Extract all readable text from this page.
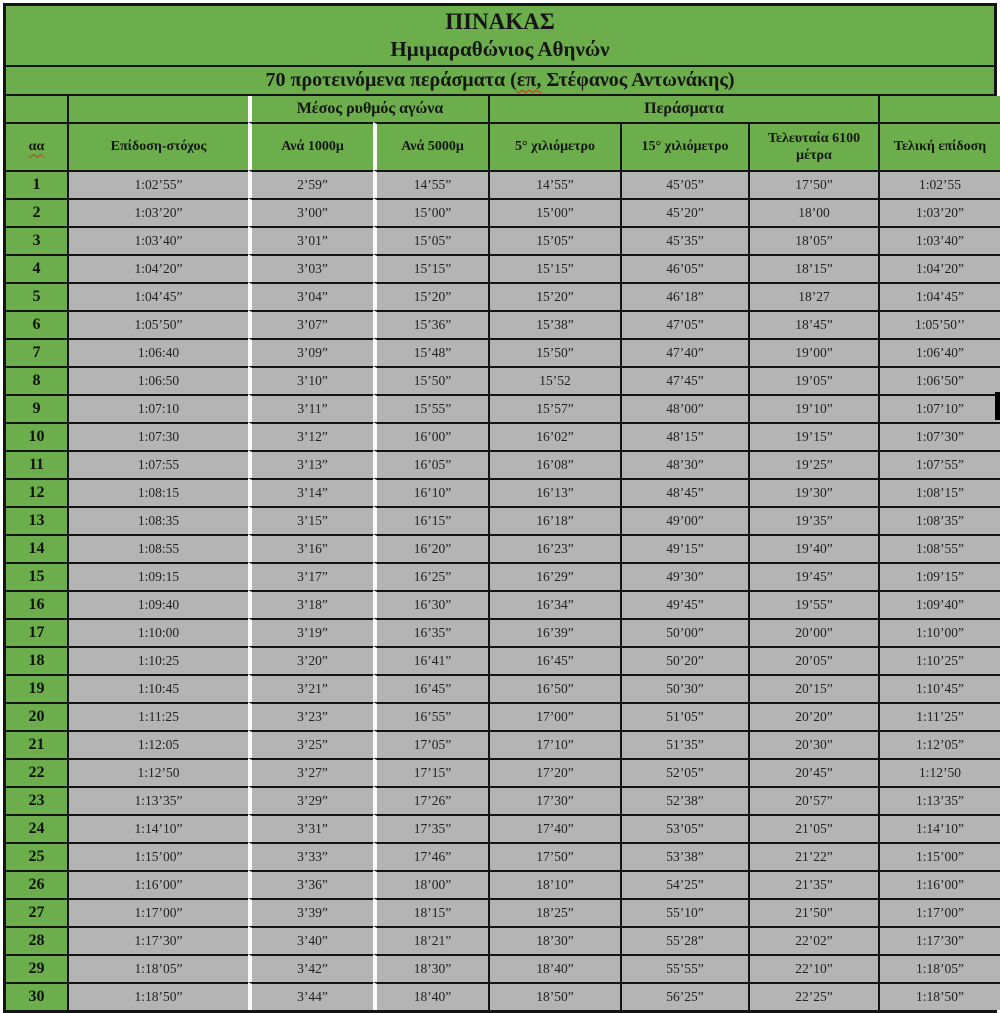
ΠΙΝΑΚΑΣ
Ημιμαραθώνιος Αθηνών
70 προτεινόμενα περάσματα (επ, Στέφανος Αντωνάκης)
		Μέσος ρυθμός αγώνα		Περάσματα			
αα	Επίδοση-στόχος	Ανά 1000μ	Ανά 5000μ	5° χιλιόμετρο	15° χιλιόμετρο	Τελευταία 6100 μέτρα	Τελική επίδοση
1	1:02’55”	2’59”	14’55”	14’55”	45’05”	17’50”	1:02’55
2	1:03’20”	3’00”	15’00”	15’00”	45’20”	18’00	1:03’20”
3	1:03’40”	3’01”	15’05”	15’05”	45’35”	18’05”	1:03’40”
4	1:04’20”	3’03”	15’15”	15’15”	46’05”	18’15”	1:04’20”
5	1:04’45”	3’04”	15’20”	15’20”	46’18”	18’27	1:04’45”
6	1:05’50”	3’07”	15’36”	15’38”	47’05”	18’45”	1:05’50’’
7	1:06:40	3’09”	15’48”	15’50”	47’40”	19’00”	1:06’40”
8	1:06:50	3’10”	15’50”	15’52	47’45”	19’05”	1:06’50”
9	1:07:10	3’11”	15’55”	15’57”	48’00”	19’10”	1:07’10”
10	1:07:30	3’12”	16’00”	16’02”	48’15”	19’15”	1:07’30”
11	1:07:55	3’13”	16’05”	16’08”	48’30”	19’25”	1:07’55”
12	1:08:15	3’14”	16’10”	16’13”	48’45”	19’30”	1:08’15”
13	1:08:35	3’15”	16’15”	16’18”	49’00”	19’35”	1:08’35”
14	1:08:55	3’16”	16’20”	16’23”	49’15”	19’40”	1:08’55”
15	1:09:15	3’17”	16’25”	16’29”	49’30”	19’45”	1:09’15”
16	1:09:40	3’18”	16’30”	16’34”	49’45”	19’55”	1:09’40”
17	1:10:00	3’19”	16’35”	16’39”	50’00”	20’00”	1:10’00”
18	1:10:25	3’20”	16’41”	16’45”	50’20”	20’05”	1:10’25”
19	1:10:45	3’21”	16’45”	16’50”	50’30”	20’15”	1:10’45”
20	1:11:25	3’23”	16’55”	17’00”	51’05”	20’20”	1:11’25”
21	1:12:05	3’25”	17’05”	17’10”	51’35”	20’30”	1:12’05”
22	1:12’50	3’27”	17’15”	17’20”	52’05”	20’45”	1:12’50
23	1:13’35”	3’29”	17’26”	17’30”	52’38”	20’57”	1:13’35”
24	1:14’10”	3’31”	17’35”	17’40”	53’05”	21’05”	1:14’10”
25	1:15’00”	3’33”	17’46”	17’50”	53’38”	21’22”	1:15’00”
26	1:16’00”	3’36”	18’00”	18’10”	54’25”	21’35”	1:16’00”
27	1:17’00”	3’39”	18’15”	18’25”	55’10”	21’50”	1:17’00”
28	1:17’30”	3’40”	18’21”	18’30”	55’28”	22’02”	1:17’30”
29	1:18’05”	3’42”	18’30”	18’40”	55’55”	22’10”	1:18’05”
30	1:18’50”	3’44”	18’40”	18’50”	56’25”	22’25”	1:18’50”
